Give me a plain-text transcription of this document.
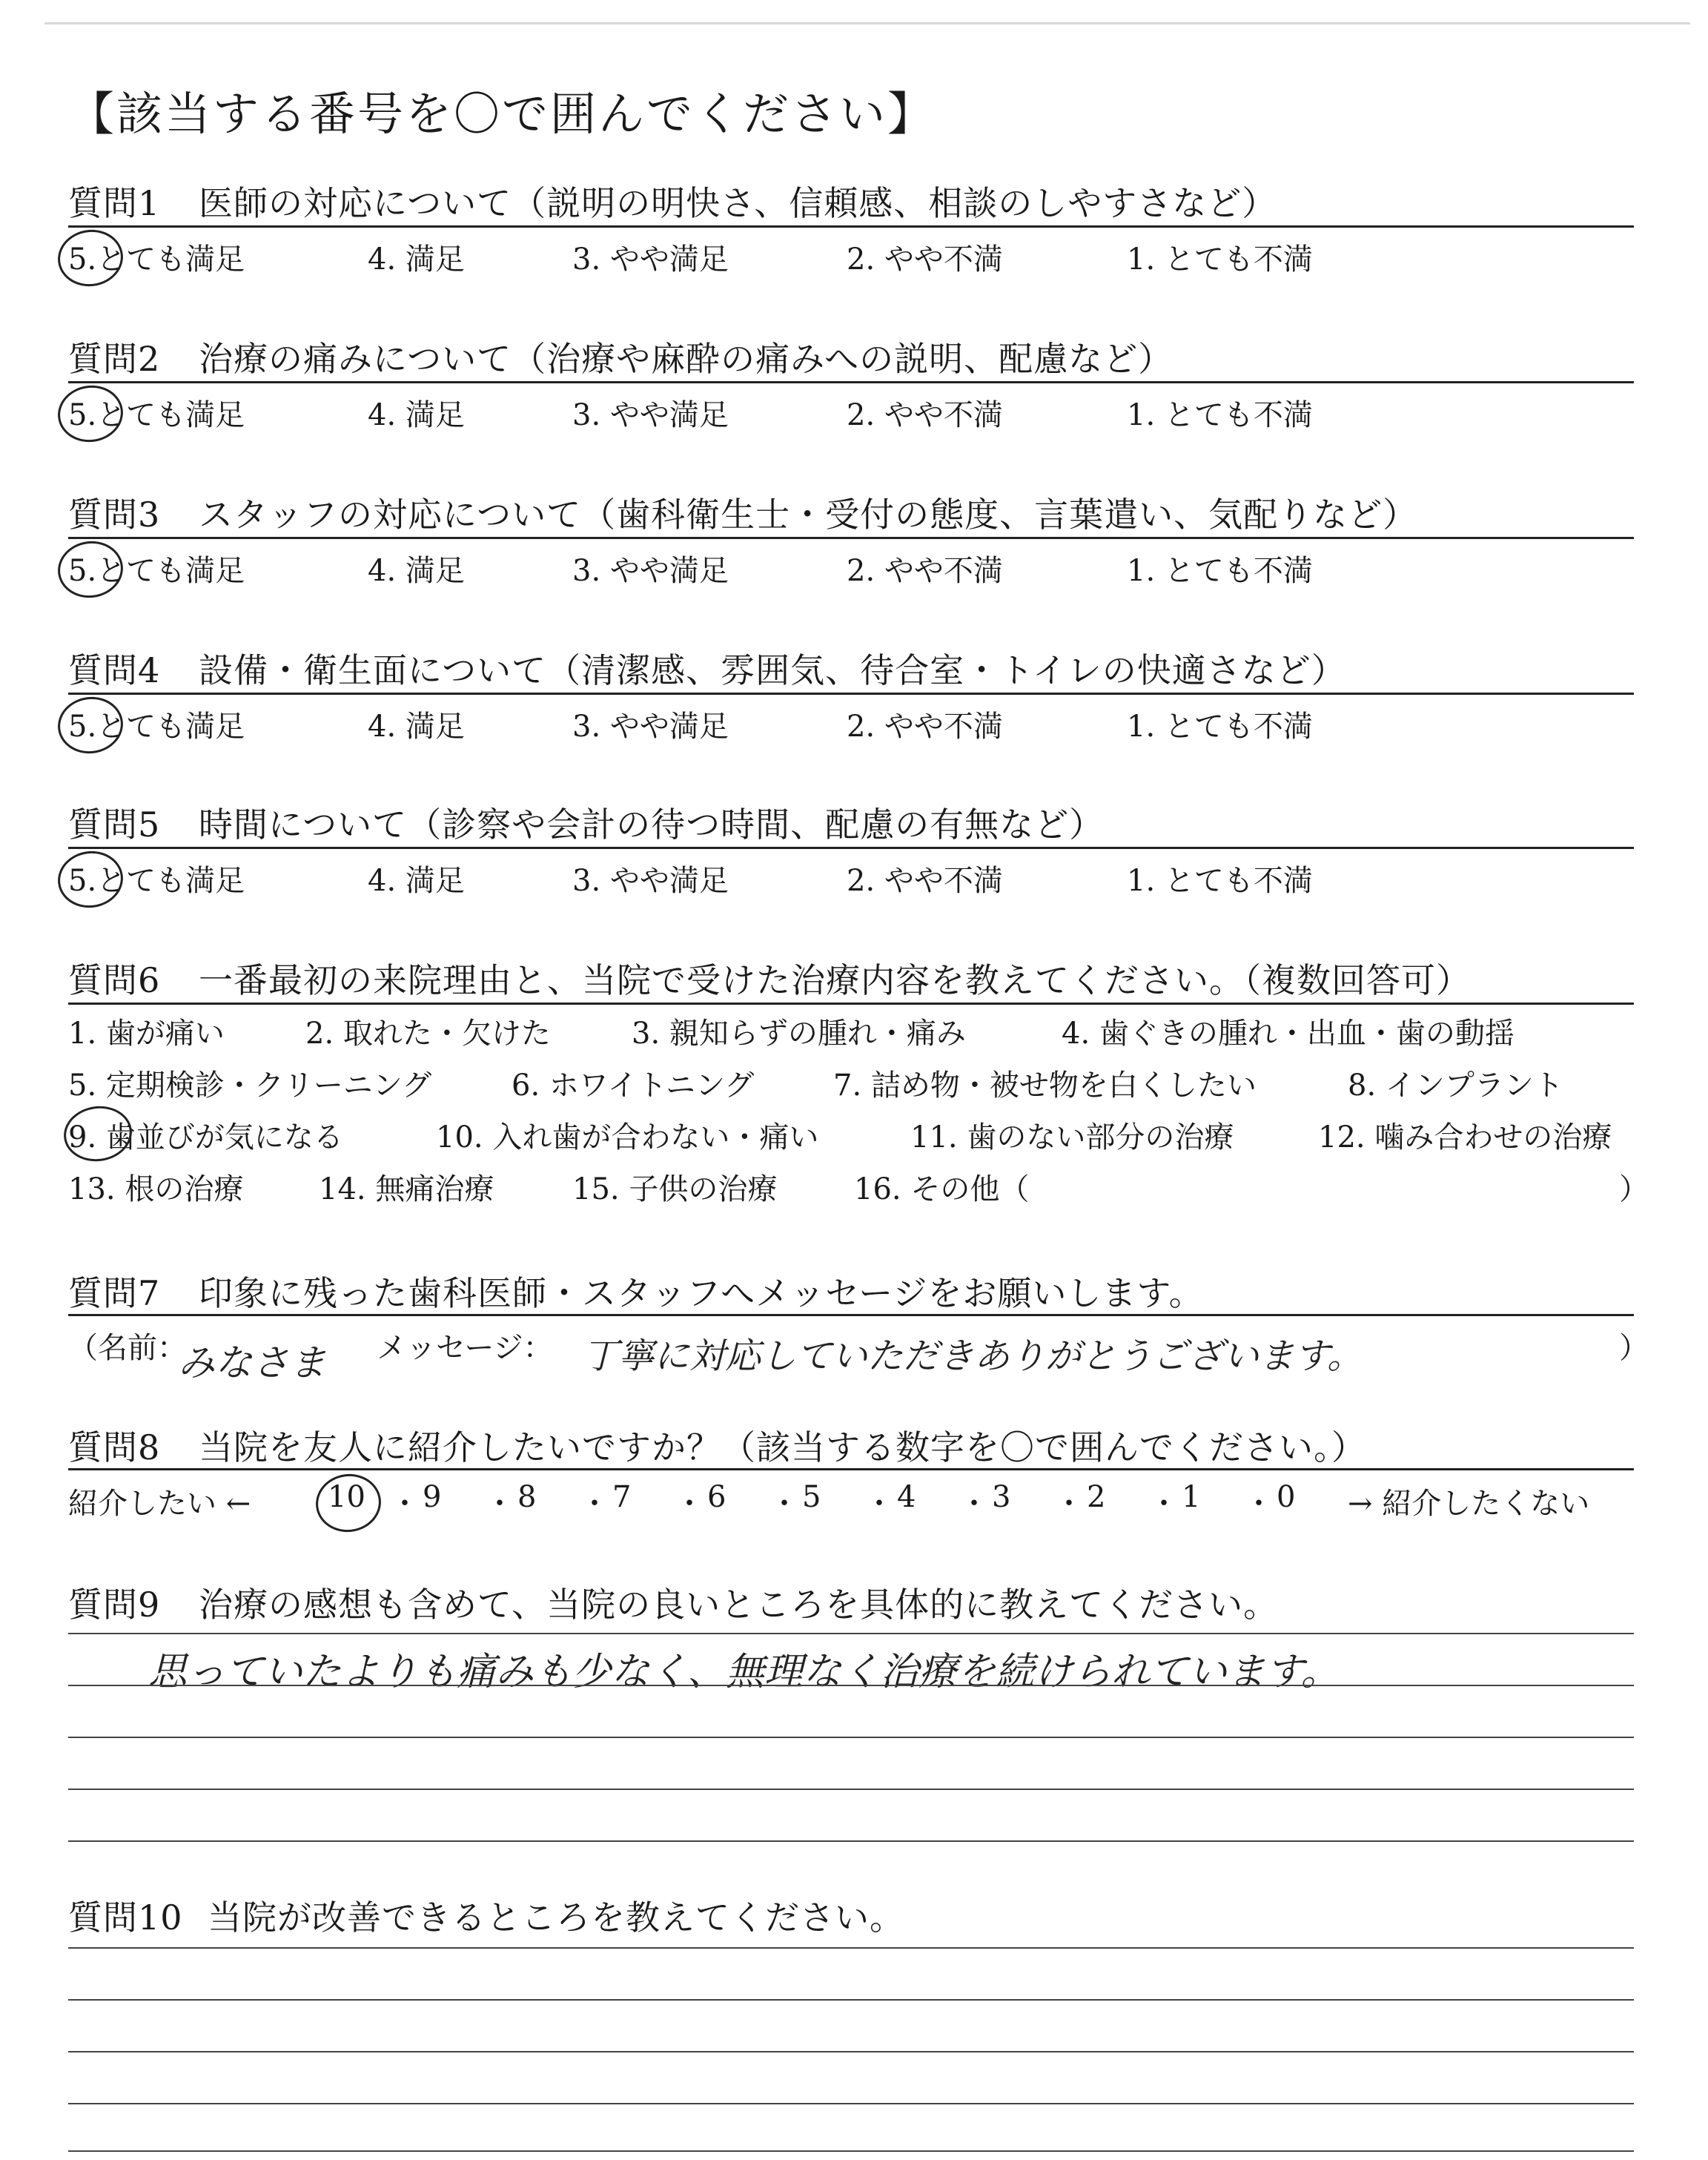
【該当する番号を〇で囲んでください】
質問1 医師の対応について（説明の明快さ、信頼感、相談のしやすさなど）
5.とても満足	4. 満足	3. やや満足	2. やや不満	1. とても不満
質問2 治療の痛みについて（治療や麻酔の痛みへの説明、配慮など）
5.とても満足	4. 満足	3. やや満足	2. やや不満	1. とても不満
質問3 スタッフの対応について（歯科衛生士・受付の態度、言葉遣い、気配りなど）
5.とても満足	4. 満足	3. やや満足	2. やや不満	1. とても不満
質問4 設備・衛生面について（清潔感、雰囲気、待合室・トイレの快適さなど）
5.とても満足	4. 満足	3. やや満足	2. やや不満	1. とても不満
質問5 時間について（診察や会計の待つ時間、配慮の有無など）
5.とても満足	4. 満足	3. やや満足	2. やや不満	1. とても不満
質問6 一番最初の来院理由と、当院で受けた治療内容を教えてください。（複数回答可）
1. 歯が痛い	2. 取れた・欠けた	3. 親知らずの腫れ・痛み	4. 歯ぐきの腫れ・出血・歯の動揺
5. 定期検診・クリーニング	6. ホワイトニング	7. 詰め物・被せ物を白くしたい	8. インプラント
9. 歯並びが気になる	10. 入れ歯が合わない・痛い	11. 歯のない部分の治療	12. 噛み合わせの治療
13. 根の治療	14. 無痛治療	15. 子供の治療	16. その他（	）
質問7 印象に残った歯科医師・スタッフへメッセージをお願いします。
（名前：
みなさま メッセージ： 丁寧に対応していただきありがとうございます。	）
質問8 当院を友人に紹介したいですか？（該当する数字を〇で囲んでください。）
紹介したい ←	10 ・ 9 ・ 8 ・ 7 ・ 6 ・ 5 ・ 4 ・ 3 ・ 2 ・ 1 ・ 0 → 紹介したくない
質問9 治療の感想も含めて、当院の良いところを具体的に教えてください。
思っていたよりも痛みも少なく、無理なく治療を続けられています。
質問10 当院が改善できるところを教えてください。
